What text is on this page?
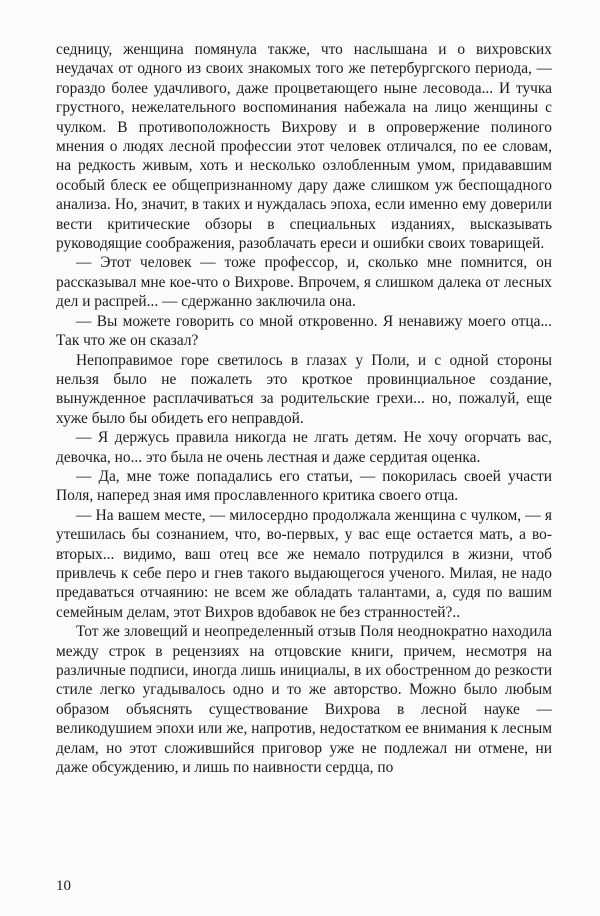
седницу, женщина помянула также, что наслышана и о вихровских неудачах от одного из своих знакомых того же петербургского периода, — гораздо более удачливого, даже процветающего ныне лесовода... И тучка грустного, нежелательного воспоминания набежала на лицо женщины с чулком. В противоположность Вихрову и в опровержение полиного мнения о людях лесной профессии этот человек отличался, по ее словам, на редкость живым, хоть и несколько озлобленным умом, придававшим особый блеск ее общепризнанному дару даже слишком уж беспощадного анализа. Но, значит, в таких и нуждалась эпоха, если именно ему доверили вести критические обзоры в специальных изданиях, высказывать руководящие соображения, разоблачать ереси и ошибки своих товарищей.

— Этот человек — тоже профессор, и, сколько мне помнится, он рассказывал мне кое-что о Вихрове. Впрочем, я слишком далека от лесных дел и распрей... — сдержанно заключила она.

— Вы можете говорить со мной откровенно. Я ненавижу моего отца... Так что же он сказал?

Непоправимое горе светилось в глазах у Поли, и с одной стороны нельзя было не пожалеть это кроткое провинциальное создание, вынужденное расплачиваться за родительские грехи... но, пожалуй, еще хуже было бы обидеть его неправдой.

— Я держусь правила никогда не лгать детям. Не хочу огорчать вас, девочка, но... это была не очень лестная и даже сердитая оценка.

— Да, мне тоже попадались его статьи, — покорилась своей участи Поля, наперед зная имя прославленного критика своего отца.

— На вашем месте, — милосердно продолжала женщина с чулком, — я утешилась бы сознанием, что, во-первых, у вас еще остается мать, а во-вторых... видимо, ваш отец все же немало потрудился в жизни, чтоб привлечь к себе перо и гнев такого выдающегося ученого. Милая, не надо предаваться отчаянию: не всем же обладать талантами, а, судя по вашим семейным делам, этот Вихров вдобавок не без странностей?..

Тот же зловещий и неопределенный отзыв Поля неоднократно находила между строк в рецензиях на отцовские книги, причем, несмотря на различные подписи, иногда лишь инициалы, в их обостренном до резкости стиле легко угадывалось одно и то же авторство. Можно было любым образом объяснять существование Вихрова в лесной науке — великодушием эпохи или же, напротив, недостатком ее внимания к лесным делам, но этот сложившийся приговор уже не подлежал ни отмене, ни даже обсуждению, и лишь по наивности сердца, по

10
